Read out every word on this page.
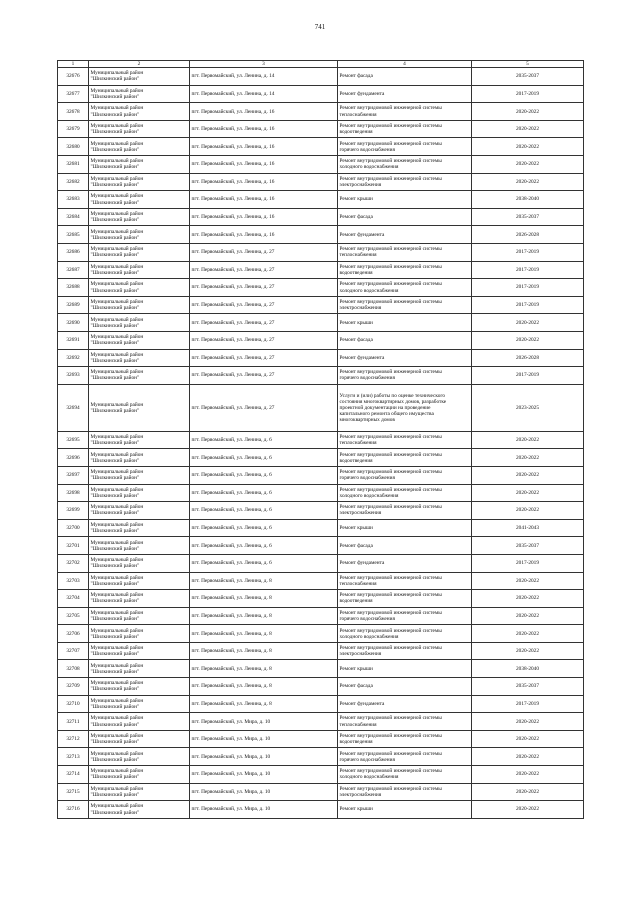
741
1	2	3	4	5

32676	Муниципальный район
"Шилкинский район"	пгт. Первомайский, ул. Ленина, д. 14	Ремонт фасада	2035-2037

32677	Муниципальный район
"Шилкинский район"	пгт. Первомайский, ул. Ленина, д. 14	Ремонт фундамента	2017-2019

32678	Муниципальный район
"Шилкинский район"	пгт. Первомайский, ул. Ленина, д. 16	Ремонт внутридомовой инженерной системы
теплоснабжения	2020-2022

32679	Муниципальный район
"Шилкинский район"	пгт. Первомайский, ул. Ленина, д. 16	Ремонт внутридомовой инженерной системы
водоотведения	2020-2022

32680	Муниципальный район
"Шилкинский район"	пгт. Первомайский, ул. Ленина, д. 16	Ремонт внутридомовой инженерной системы
горячего водоснабжения	2020-2022

32681	Муниципальный район
"Шилкинский район"	пгт. Первомайский, ул. Ленина, д. 16	Ремонт внутридомовой инженерной системы
холодного водоснабжения	2020-2022

32682	Муниципальный район
"Шилкинский район"	пгт. Первомайский, ул. Ленина, д. 16	Ремонт внутридомовой инженерной системы
электроснабжения	2020-2022

32683	Муниципальный район
"Шилкинский район"	пгт. Первомайский, ул. Ленина, д. 16	Ремонт крыши	2038-2040

32684	Муниципальный район
"Шилкинский район"	пгт. Первомайский, ул. Ленина, д. 16	Ремонт фасада	2035-2037

32685	Муниципальный район
"Шилкинский район"	пгт. Первомайский, ул. Ленина, д. 16	Ремонт фундамента	2026-2028

32686	Муниципальный район
"Шилкинский район"	пгт. Первомайский, ул. Ленина, д. 27	Ремонт внутридомовой инженерной системы
теплоснабжения	2017-2019

32687	Муниципальный район
"Шилкинский район"	пгт. Первомайский, ул. Ленина, д. 27	Ремонт внутридомовой инженерной системы
водоотведения	2017-2019

32688	Муниципальный район
"Шилкинский район"	пгт. Первомайский, ул. Ленина, д. 27	Ремонт внутридомовой инженерной системы
холодного водоснабжения	2017-2019

32689	Муниципальный район
"Шилкинский район"	пгт. Первомайский, ул. Ленина, д. 27	Ремонт внутридомовой инженерной системы
электроснабжения	2017-2019

32690	Муниципальный район
"Шилкинский район"	пгт. Первомайский, ул. Ленина, д. 27	Ремонт крыши	2020-2022

32691	Муниципальный район
"Шилкинский район"	пгт. Первомайский, ул. Ленина, д. 27	Ремонт фасада	2020-2022

32692	Муниципальный район
"Шилкинский район"	пгт. Первомайский, ул. Ленина, д. 27	Ремонт фундамента	2026-2028

32693	Муниципальный район
"Шилкинский район"	пгт. Первомайский, ул. Ленина, д. 27	Ремонт внутридомовой инженерной системы
горячего водоснабжения	2017-2019

32694	Муниципальный район
"Шилкинский район"	пгт. Первомайский, ул. Ленина, д. 27	Услуги и (или) работы по оценке технического
состояния многоквартирных домов, разработке
проектной документации на проведение
капитального ремонта общего имущества
многоквартирных домов	2023-2025

32695	Муниципальный район
"Шилкинский район"	пгт. Первомайский, ул. Ленина, д. 6	Ремонт внутридомовой инженерной системы
теплоснабжения	2020-2022

32696	Муниципальный район
"Шилкинский район"	пгт. Первомайский, ул. Ленина, д. 6	Ремонт внутридомовой инженерной системы
водоотведения	2020-2022

32697	Муниципальный район
"Шилкинский район"	пгт. Первомайский, ул. Ленина, д. 6	Ремонт внутридомовой инженерной системы
горячего водоснабжения	2020-2022

32698	Муниципальный район
"Шилкинский район"	пгт. Первомайский, ул. Ленина, д. 6	Ремонт внутридомовой инженерной системы
холодного водоснабжения	2020-2022

32699	Муниципальный район
"Шилкинский район"	пгт. Первомайский, ул. Ленина, д. 6	Ремонт внутридомовой инженерной системы
электроснабжения	2020-2022

32700	Муниципальный район
"Шилкинский район"	пгт. Первомайский, ул. Ленина, д. 6	Ремонт крыши	2041-2043

32701	Муниципальный район
"Шилкинский район"	пгт. Первомайский, ул. Ленина, д. 6	Ремонт фасада	2035-2037

32702	Муниципальный район
"Шилкинский район"	пгт. Первомайский, ул. Ленина, д. 6	Ремонт фундамента	2017-2019

32703	Муниципальный район
"Шилкинский район"	пгт. Первомайский, ул. Ленина, д. 8	Ремонт внутридомовой инженерной системы
теплоснабжения	2020-2022

32704	Муниципальный район
"Шилкинский район"	пгт. Первомайский, ул. Ленина, д. 8	Ремонт внутридомовой инженерной системы
водоотведения	2020-2022

32705	Муниципальный район
"Шилкинский район"	пгт. Первомайский, ул. Ленина, д. 8	Ремонт внутридомовой инженерной системы
горячего водоснабжения	2020-2022

32706	Муниципальный район
"Шилкинский район"	пгт. Первомайский, ул. Ленина, д. 8	Ремонт внутридомовой инженерной системы
холодного водоснабжения	2020-2022

32707	Муниципальный район
"Шилкинский район"	пгт. Первомайский, ул. Ленина, д. 8	Ремонт внутридомовой инженерной системы
электроснабжения	2020-2022

32708	Муниципальный район
"Шилкинский район"	пгт. Первомайский, ул. Ленина, д. 8	Ремонт крыши	2038-2040

32709	Муниципальный район
"Шилкинский район"	пгт. Первомайский, ул. Ленина, д. 8	Ремонт фасада	2035-2037

32710	Муниципальный район
"Шилкинский район"	пгт. Первомайский, ул. Ленина, д. 8	Ремонт фундамента	2017-2019

32711	Муниципальный район
"Шилкинский район"	пгт. Первомайский, ул. Мира, д. 10	Ремонт внутридомовой инженерной системы
теплоснабжения	2020-2022

32712	Муниципальный район
"Шилкинский район"	пгт. Первомайский, ул. Мира, д. 10	Ремонт внутридомовой инженерной системы
водоотведения	2020-2022

32713	Муниципальный район
"Шилкинский район"	пгт. Первомайский, ул. Мира, д. 10	Ремонт внутридомовой инженерной системы
горячего водоснабжения	2020-2022

32714	Муниципальный район
"Шилкинский район"	пгт. Первомайский, ул. Мира, д. 10	Ремонт внутридомовой инженерной системы
холодного водоснабжения	2020-2022

32715	Муниципальный район
"Шилкинский район"	пгт. Первомайский, ул. Мира, д. 10	Ремонт внутридомовой инженерной системы
электроснабжения	2020-2022

32716	Муниципальный район
"Шилкинский район"	пгт. Первомайский, ул. Мира, д. 10	Ремонт крыши	2020-2022
